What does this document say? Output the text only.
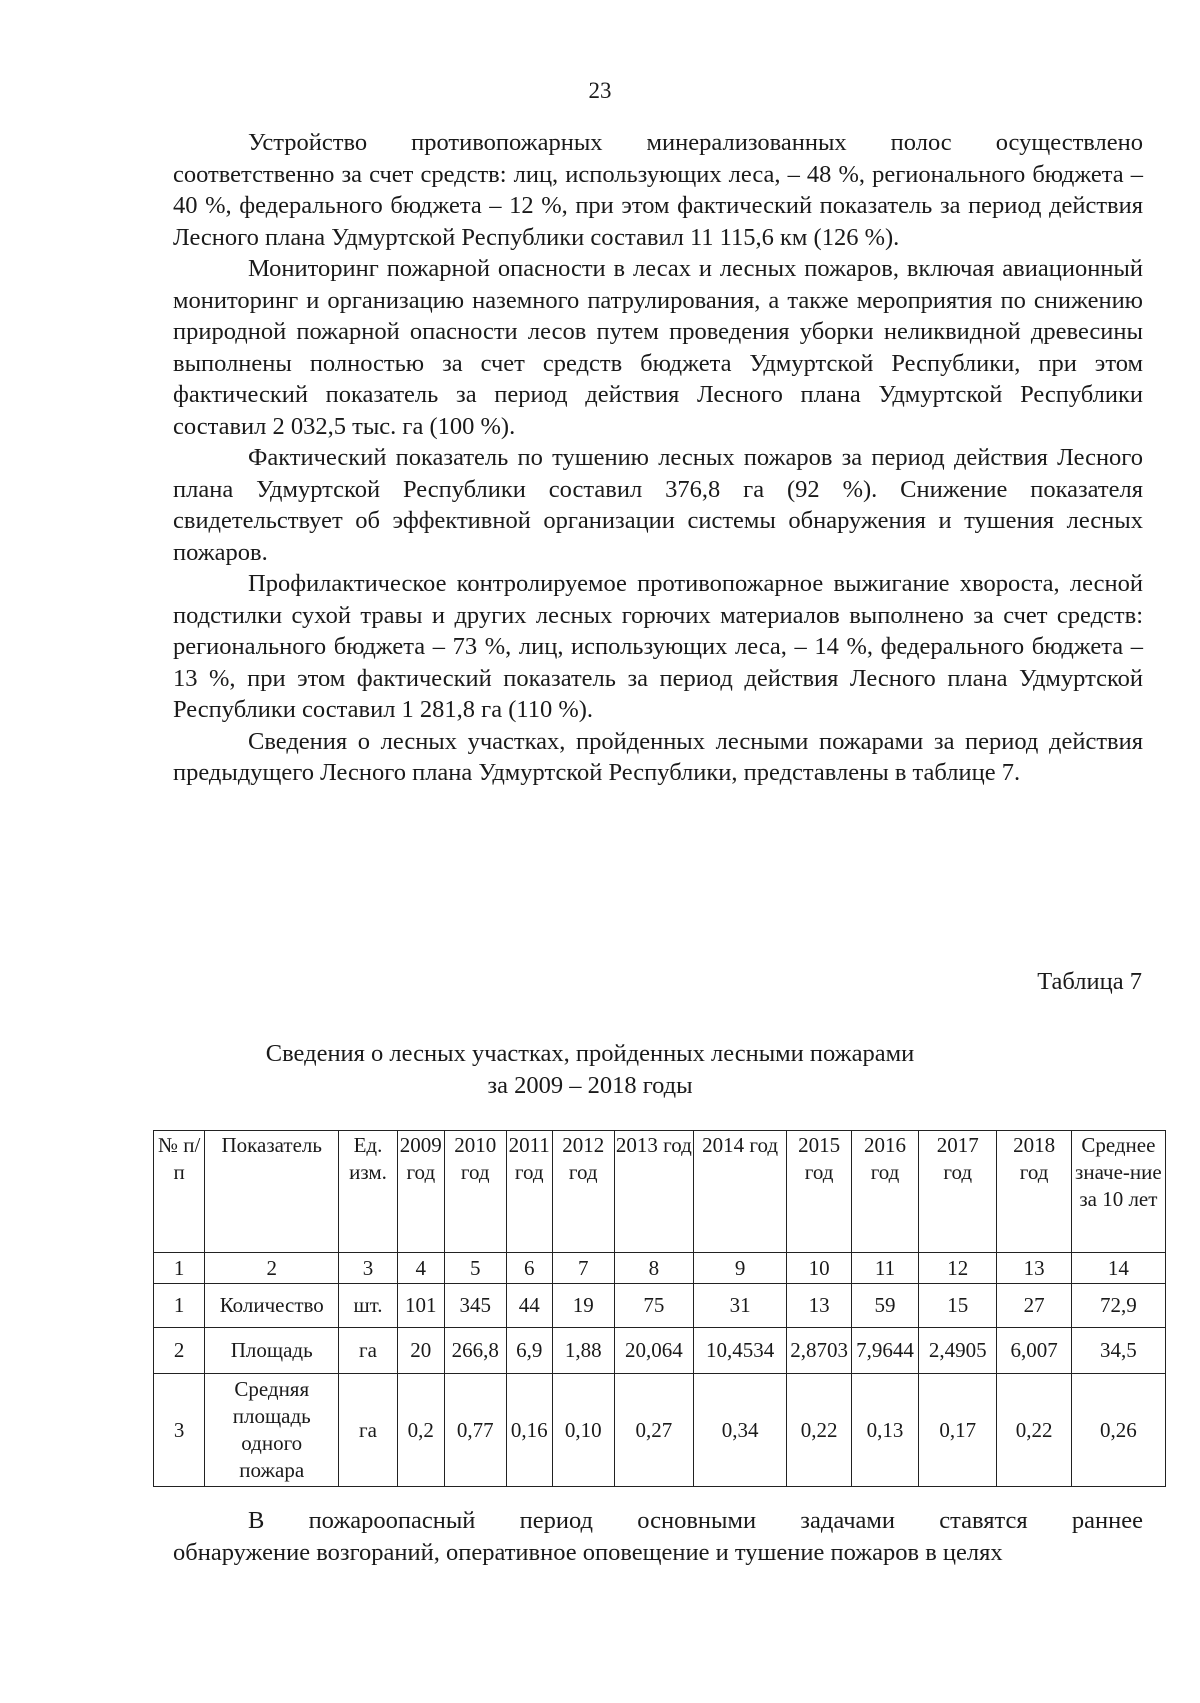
23

Устройство противопожарных минерализованных полос осуществлено соответственно за счет средств: лиц, использующих леса, – 48 %, регионального бюджета – 40 %, федерального бюджета – 12 %, при этом фактический показатель за период действия Лесного плана Удмуртской Республики составил 11 115,6 км (126 %).

Мониторинг пожарной опасности в лесах и лесных пожаров, включая авиационный мониторинг и организацию наземного патрулирования, а также мероприятия по снижению природной пожарной опасности лесов путем проведения уборки неликвидной древесины выполнены полностью за счет средств бюджета Удмуртской Республики, при этом фактический показатель за период действия Лесного плана Удмуртской Республики составил 2 032,5 тыс. га (100 %).

Фактический показатель по тушению лесных пожаров за период действия Лесного плана Удмуртской Республики составил 376,8 га (92 %). Снижение показателя свидетельствует об эффективной организации системы обнаружения и тушения лесных пожаров.

Профилактическое контролируемое противопожарное выжигание хвороста, лесной подстилки сухой травы и других лесных горючих материалов выполнено за счет средств: регионального бюджета – 73 %, лиц, использующих леса, – 14 %, федерального бюджета – 13 %, при этом фактический показатель за период действия Лесного плана Удмуртской Республики составил 1 281,8 га (110 %).

Сведения о лесных участках, пройденных лесными пожарами за период действия предыдущего Лесного плана Удмуртской Республики, представлены в таблице 7.

Таблица 7
Сведения о лесных участках, пройденных лесными пожарами
за 2009 – 2018 годы
№ п/п	Показатель	Ед. изм.	2009 год	2010 год	2011 год	2012 год	2013 год	2014 год	2015 год	2016 год	2017 год	2018 год	Среднее значе-ние за 10 лет
1	2	3	4	5	6	7	8	9	10	11	12	13	14
1	Количество	шт.	101	345	44	19	75	31	13	59	15	27	72,9
2	Площадь	га	20	266,8	6,9	1,88	20,064	10,4534	2,8703	7,9644	2,4905	6,007	34,5
3	Средняя площадь одного пожара	га	0,2	0,77	0,16	0,10	0,27	0,34	0,22	0,13	0,17	0,22	0,26
В пожароопасный период основными задачами ставятся раннее
обнаружение возгораний, оперативное оповещение и тушение пожаров в целях
